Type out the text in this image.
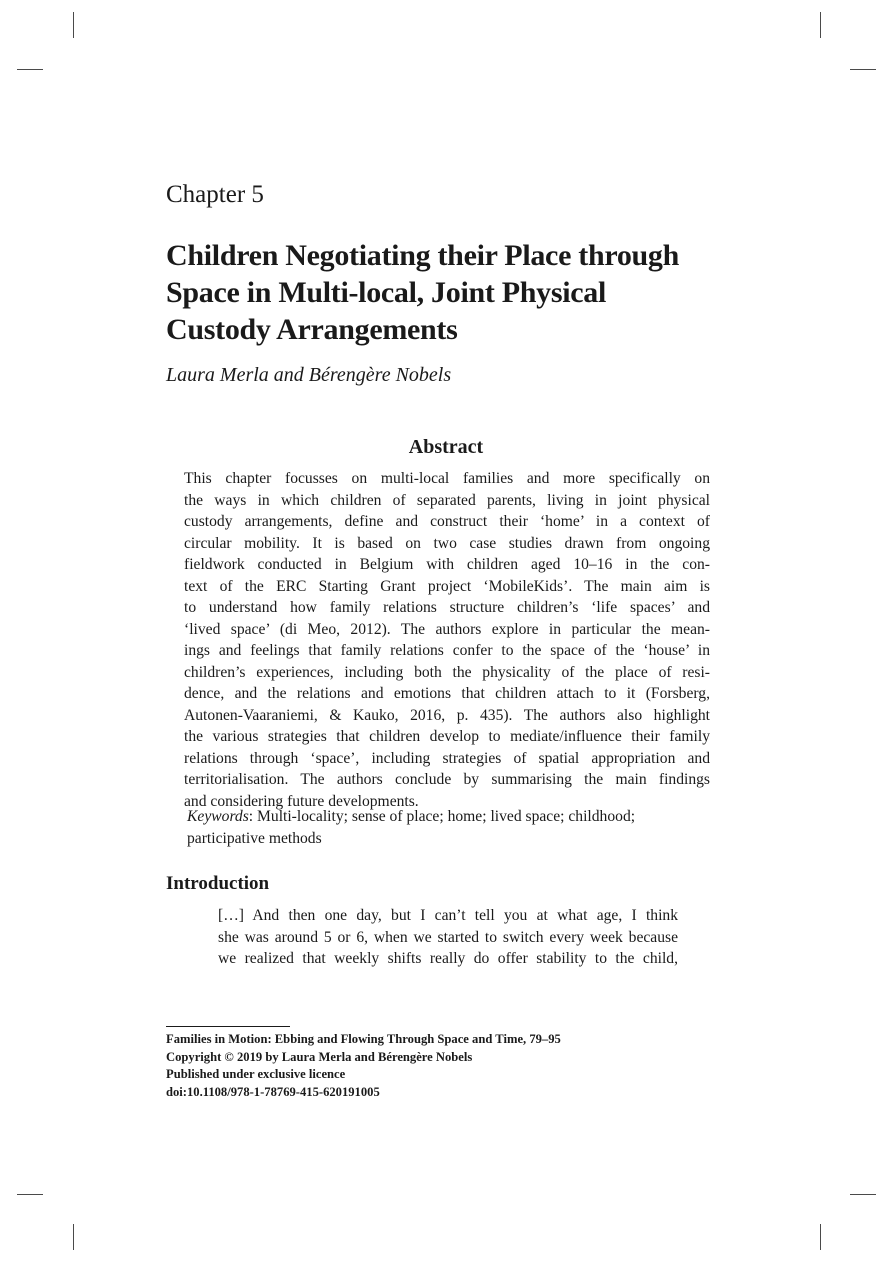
Chapter 5
Children Negotiating their Place through
Space in Multi-local, Joint Physical
Custody Arrangements
Laura Merla and Bérengère Nobels
Abstract
This chapter focusses on multi-local families and more specifically on
the ways in which children of separated parents, living in joint physical
custody arrangements, define and construct their ‘home’ in a context of
circular mobility. It is based on two case studies drawn from ongoing
fieldwork conducted in Belgium with children aged 10–16 in the con-
text of the ERC Starting Grant project ‘MobileKids’. The main aim is
to understand how family relations structure children’s ‘life spaces’ and
‘lived space’ (di Meo, 2012). The authors explore in particular the mean-
ings and feelings that family relations confer to the space of the ‘house’ in
children’s experiences, including both the physicality of the place of resi-
dence, and the relations and emotions that children attach to it (Forsberg,
Autonen-Vaaraniemi, & Kauko, 2016, p. 435). The authors also highlight
the various strategies that children develop to mediate/influence their family
relations through ‘space’, including strategies of spatial appropriation and
territorialisation. The authors conclude by summarising the main findings
and considering future developments.
Keywords: Multi-locality; sense of place; home; lived space; childhood; participative methods
Introduction
[…] And then one day, but I can’t tell you at what age, I think
she was around 5 or 6, when we started to switch every week because
we realized that weekly shifts really do offer stability to the child,
Families in Motion: Ebbing and Flowing Through Space and Time, 79–95
Copyright © 2019 by Laura Merla and Bérengère Nobels
Published under exclusive licence
doi:10.1108/978-1-78769-415-620191005
